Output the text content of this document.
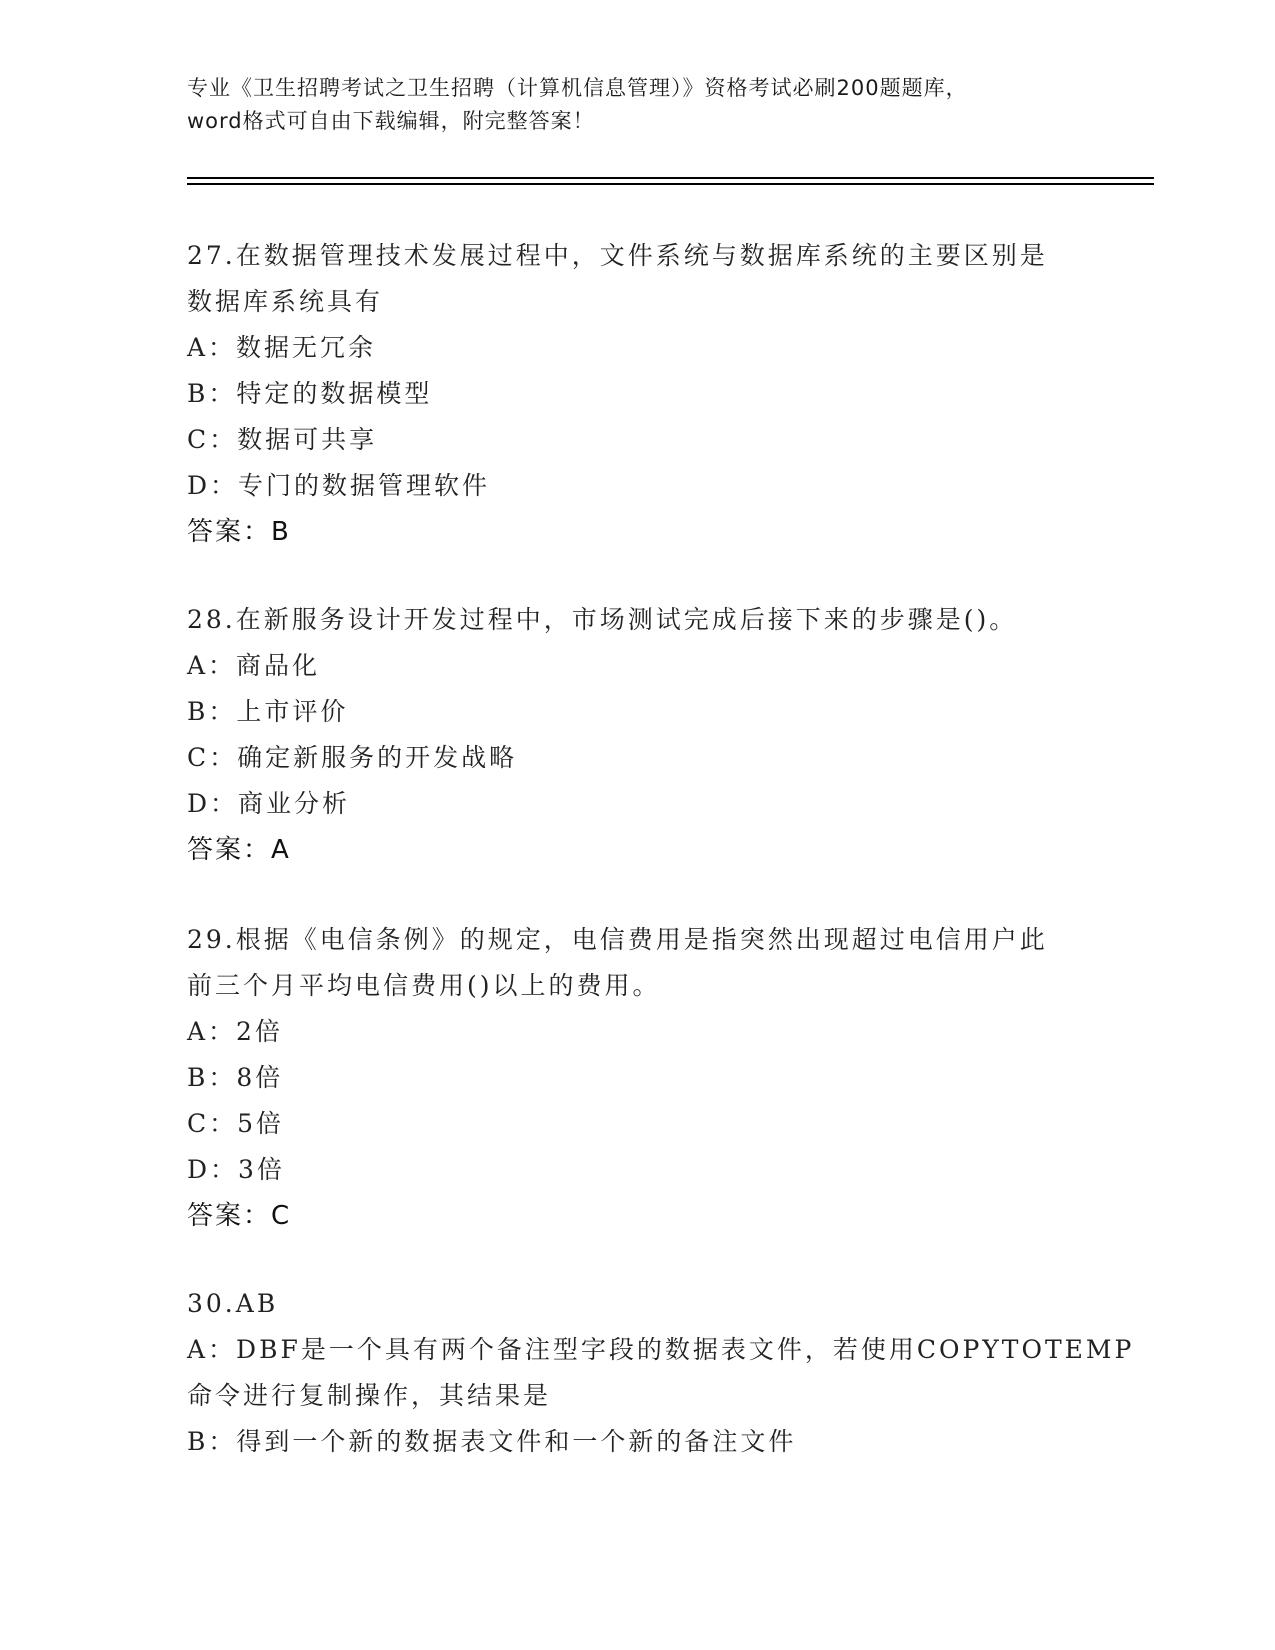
专业《卫生招聘考试之卫生招聘（计算机信息管理）》资格考试必刷200题题库，
word格式可自由下载编辑，附完整答案！
27.在数据管理技术发展过程中，文件系统与数据库系统的主要区别是
数据库系统具有
A：数据无冗余
B：特定的数据模型
C：数据可共享
D：专门的数据管理软件
答案：B
28.在新服务设计开发过程中，市场测试完成后接下来的步骤是()。
A：商品化
B：上市评价
C：确定新服务的开发战略
D：商业分析
答案：A
29.根据《电信条例》的规定，电信费用是指突然出现超过电信用户此
前三个月平均电信费用()以上的费用。
A：2倍
B：8倍
C：5倍
D：3倍
答案：C
30.AB
A：DBF是一个具有两个备注型字段的数据表文件，若使用COPYTOTEMP
命令进行复制操作，其结果是
B：得到一个新的数据表文件和一个新的备注文件
